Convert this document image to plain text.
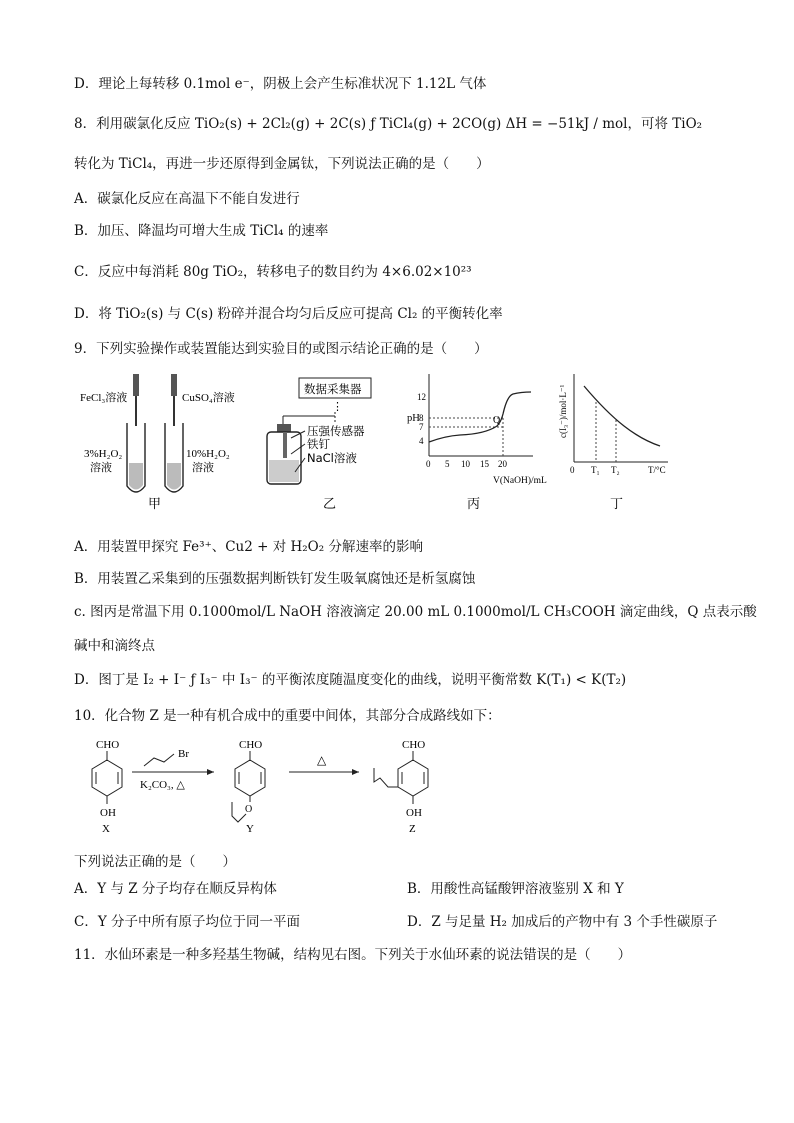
D．理论上每转移 0.1mol e⁻，阴极上会产生标准状况下 1.12L 气体
8．利用碳氯化反应 TiO₂(s) + 2Cl₂(g) + 2C(s) ƒ TiCl₄(g) + 2CO(g) ΔH = −51kJ / mol，可将 TiO₂
转化为 TiCl₄，再进一步还原得到金属钛，下列说法正确的是（　　）
A．碳氯化反应在高温下不能自发进行
B．加压、降温均可增大生成 TiCl₄ 的速率
C．反应中每消耗 80g TiO₂，转移电子的数目约为 4×6.02×10²³
D．将 TiO₂(s) 与 C(s) 粉碎并混合均匀后反应可提高 Cl₂ 的平衡转化率
9．下列实验操作或装置能达到实验目的或图示结论正确的是（　　）
FeCl₃溶液	CuSO₄溶液
3%H₂O₂
溶液
10%H₂O₂
溶液
甲
数据采集器
⋮
压强传感器
铁钉
NaCl溶液
乙
pH
12
8
7
4
Q
0 5 10 15 20
V(NaOH)/mL
丙
c(I₃⁻)/mol·L⁻¹
0 T₁ T₂	T/°C
丁
A．用装置甲探究 Fe³⁺、Cu2 + 对 H₂O₂ 分解速率的影响
B．用装置乙采集到的压强数据判断铁钉发生吸氧腐蚀还是析氢腐蚀
c. 图丙是常温下用 0.1000mol/L NaOH 溶液滴定 20.00 mL 0.1000mol/L CH₃COOH 滴定曲线，Q 点表示酸
碱中和滴终点
D．图丁是 I₂ + I⁻ ƒ I₃⁻ 中 I₃⁻ 的平衡浓度随温度变化的曲线，说明平衡常数 K(T₁) < K(T₂)
10．化合物 Z 是一种有机合成中的重要中间体，其部分合成路线如下：
CHO
OH
X
Br
K₂CO₃, △
CHO
O
Y
△
CHO
OH
Z
下列说法正确的是（　　）
A．Y 与 Z 分子均存在顺反异构体	B．用酸性高锰酸钾溶液鉴别 X 和 Y
C．Y 分子中所有原子均位于同一平面	D．Z 与足量 H₂ 加成后的产物中有 3 个手性碳原子
11．水仙环素是一种多羟基生物碱，结构见右图。下列关于水仙环素的说法错误的是（　　）
